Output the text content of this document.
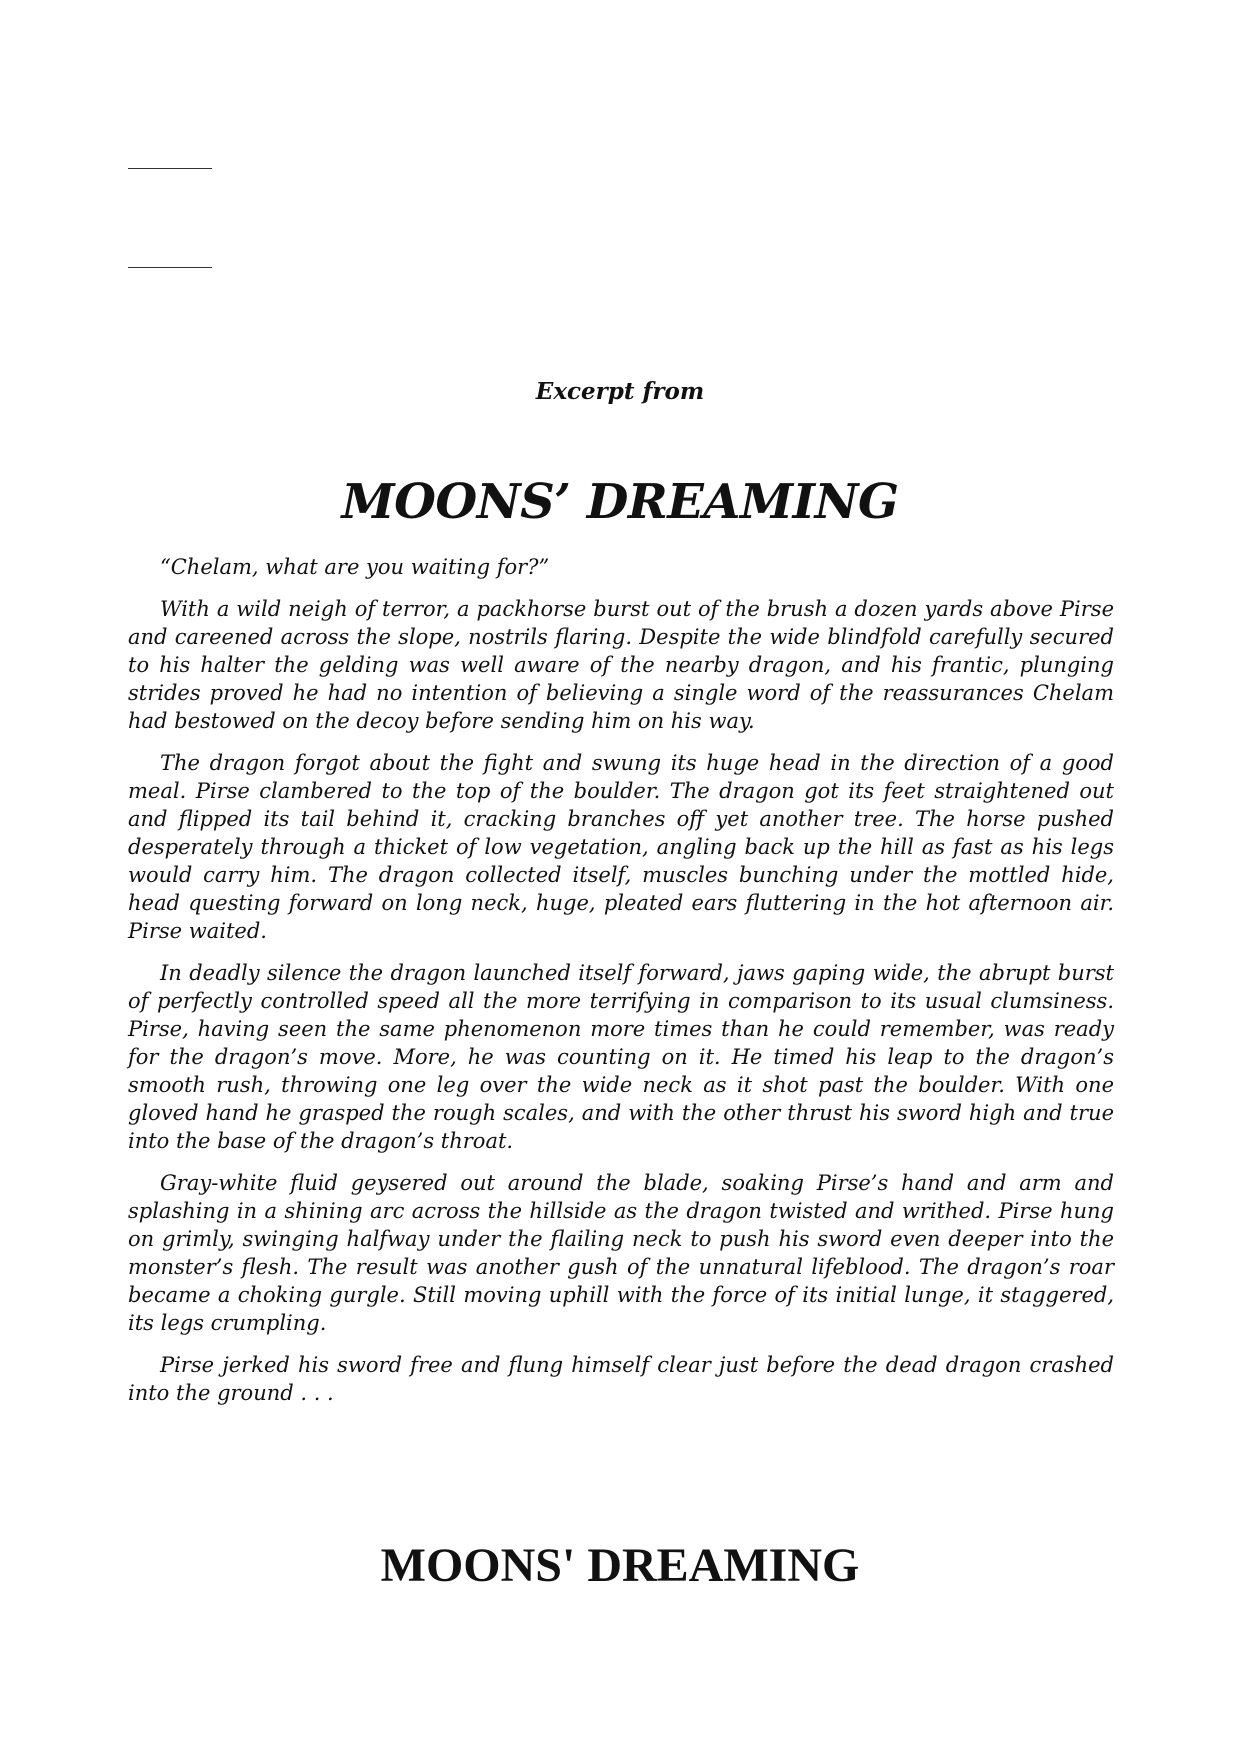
Excerpt from
MOONS’ DREAMING

“Chelam, what are you waiting for?”

With a wild neigh of terror, a packhorse burst out of the brush a dozen yards above Pirse and careened across the slope, nostrils flaring. Despite the wide blindfold carefully secured to his halter the gelding was well aware of the nearby dragon, and his frantic, plunging strides proved he had no intention of believing a single word of the reassurances Chelam had bestowed on the decoy before sending him on his way.

The dragon forgot about the fight and swung its huge head in the direction of a good meal. Pirse clambered to the top of the boulder. The dragon got its feet straightened out and flipped its tail behind it, cracking branches off yet another tree. The horse pushed desperately through a thicket of low vegetation, angling back up the hill as fast as his legs would carry him. The dragon collected itself, muscles bunching under the mottled hide, head questing forward on long neck, huge, pleated ears fluttering in the hot afternoon air. Pirse waited.

In deadly silence the dragon launched itself forward, jaws gaping wide, the abrupt burst of perfectly controlled speed all the more terrifying in comparison to its usual clumsiness. Pirse, having seen the same phenomenon more times than he could remember, was ready for the dragon’s move. More, he was counting on it. He timed his leap to the dragon’s smooth rush, throwing one leg over the wide neck as it shot past the boulder. With one gloved hand he grasped the rough scales, and with the other thrust his sword high and true into the base of the dragon’s throat.

Gray-white fluid geysered out around the blade, soaking Pirse’s hand and arm and splashing in a shining arc across the hillside as the dragon twisted and writhed. Pirse hung on grimly, swinging halfway under the flailing neck to push his sword even deeper into the monster’s flesh. The result was another gush of the unnatural lifeblood. The dragon’s roar became a choking gurgle. Still moving uphill with the force of its initial lunge, it staggered, its legs crumpling.

Pirse jerked his sword free and flung himself clear just before the dead dragon crashed into the ground . . .

MOONS' DREAMING
